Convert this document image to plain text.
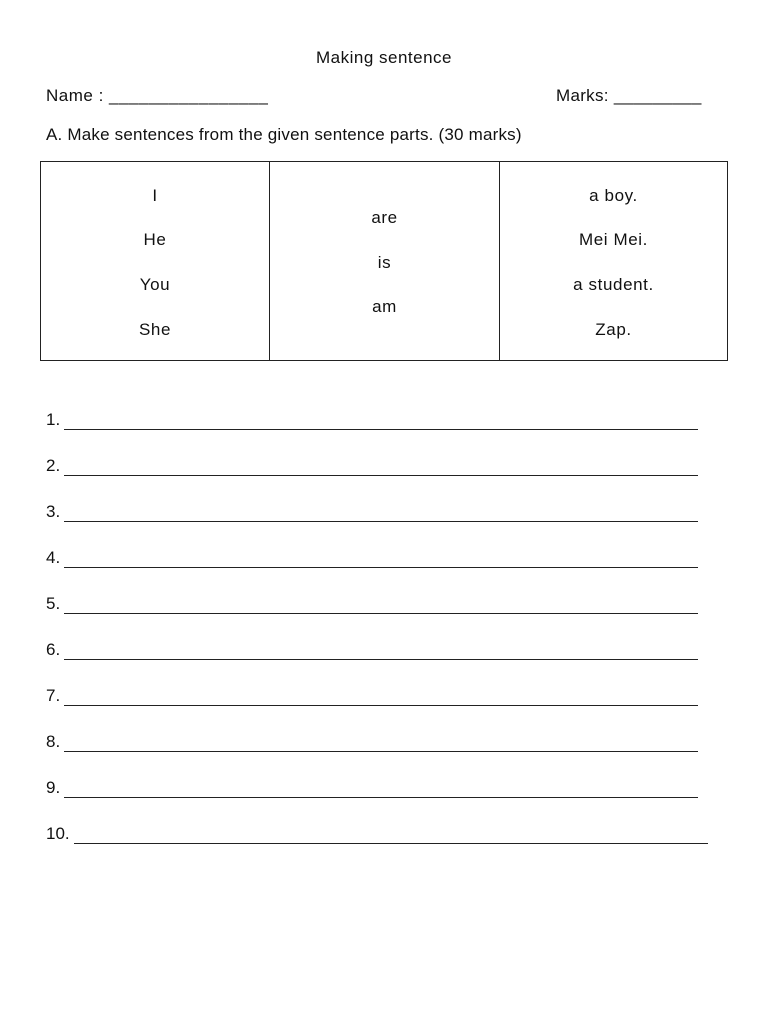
Making sentence
Name : ________________	Marks: _________
A. Make sentences from the given sentence parts. (30 marks)
I
He
You
She
are
is
am
a boy.
Mei Mei.
a student.
Zap.
1.
2.
3.
4.
5.
6.
7.
8.
9.
10.
